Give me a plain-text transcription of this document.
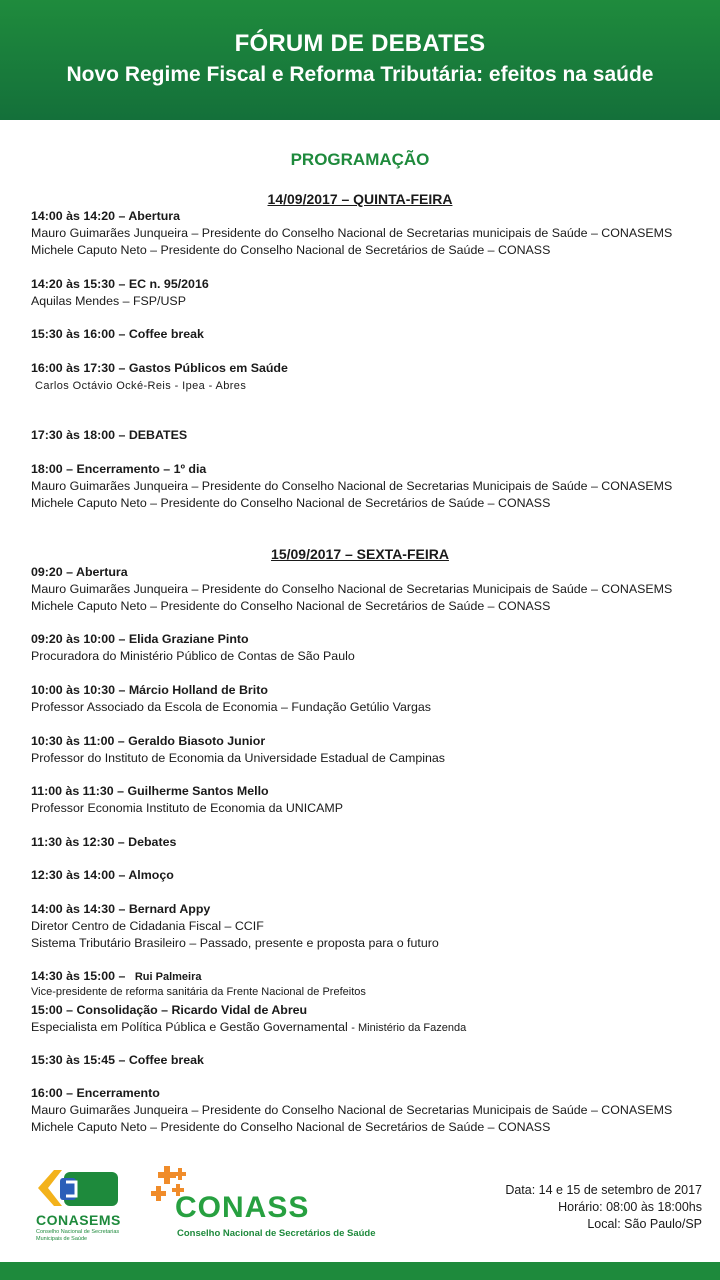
FÓRUM DE DEBATES
Novo Regime Fiscal e Reforma Tributária: efeitos na saúde
PROGRAMAÇÃO
14/09/2017 – QUINTA-FEIRA
14:00 às 14:20 – Abertura
Mauro Guimarães Junqueira – Presidente do Conselho Nacional de Secretarias municipais de Saúde – CONASEMS
Michele Caputo Neto – Presidente do Conselho Nacional de Secretários de Saúde – CONASS
14:20 às 15:30 – EC n. 95/2016
Aquilas Mendes – FSP/USP
15:30 às 16:00 – Coffee break
16:00 às 17:30 – Gastos Públicos em Saúde
Carlos Octávio Ocké-Reis - Ipea - Abres
17:30 às 18:00 – DEBATES
18:00 – Encerramento – 1º dia
Mauro Guimarães Junqueira – Presidente do Conselho Nacional de Secretarias Municipais de Saúde – CONASEMS
Michele Caputo Neto – Presidente do Conselho Nacional de Secretários de Saúde – CONASS
15/09/2017 – SEXTA-FEIRA
09:20 – Abertura
Mauro Guimarães Junqueira – Presidente do Conselho Nacional de Secretarias Municipais de Saúde – CONASEMS
Michele Caputo Neto – Presidente do Conselho Nacional de Secretários de Saúde – CONASS
09:20 às 10:00 – Elida Graziane Pinto
Procuradora do Ministério Público de Contas de São Paulo
10:00 às 10:30 – Márcio Holland de Brito
Professor Associado da Escola de Economia – Fundação Getúlio Vargas
10:30 às 11:00 – Geraldo Biasoto Junior
Professor do Instituto de Economia da Universidade Estadual de Campinas
11:00 às 11:30 – Guilherme Santos Mello
Professor Economia Instituto de Economia da UNICAMP
11:30 às 12:30 – Debates
12:30 às 14:00 – Almoço
14:00 às 14:30 – Bernard Appy
Diretor Centro de Cidadania Fiscal – CCIF
Sistema Tributário Brasileiro – Passado, presente e proposta para o futuro
14:30 às 15:00 – Rui Palmeira
Vice-presidente de reforma sanitária da Frente Nacional de Prefeitos
15:00 – Consolidação – Ricardo Vidal de Abreu
Especialista em Política Pública e Gestão Governamental - Ministério da Fazenda
15:30 às 15:45 – Coffee break
16:00 – Encerramento
Mauro Guimarães Junqueira – Presidente do Conselho Nacional de Secretarias Municipais de Saúde – CONASEMS
Michele Caputo Neto – Presidente do Conselho Nacional de Secretários de Saúde – CONASS
CONASEMS
Conselho Nacional de Secretarias Municipais de Saúde
CONASS
Conselho Nacional de Secretários de Saúde
Data: 14 e 15 de setembro de 2017
Horário: 08:00 às 18:00hs
Local: São Paulo/SP
